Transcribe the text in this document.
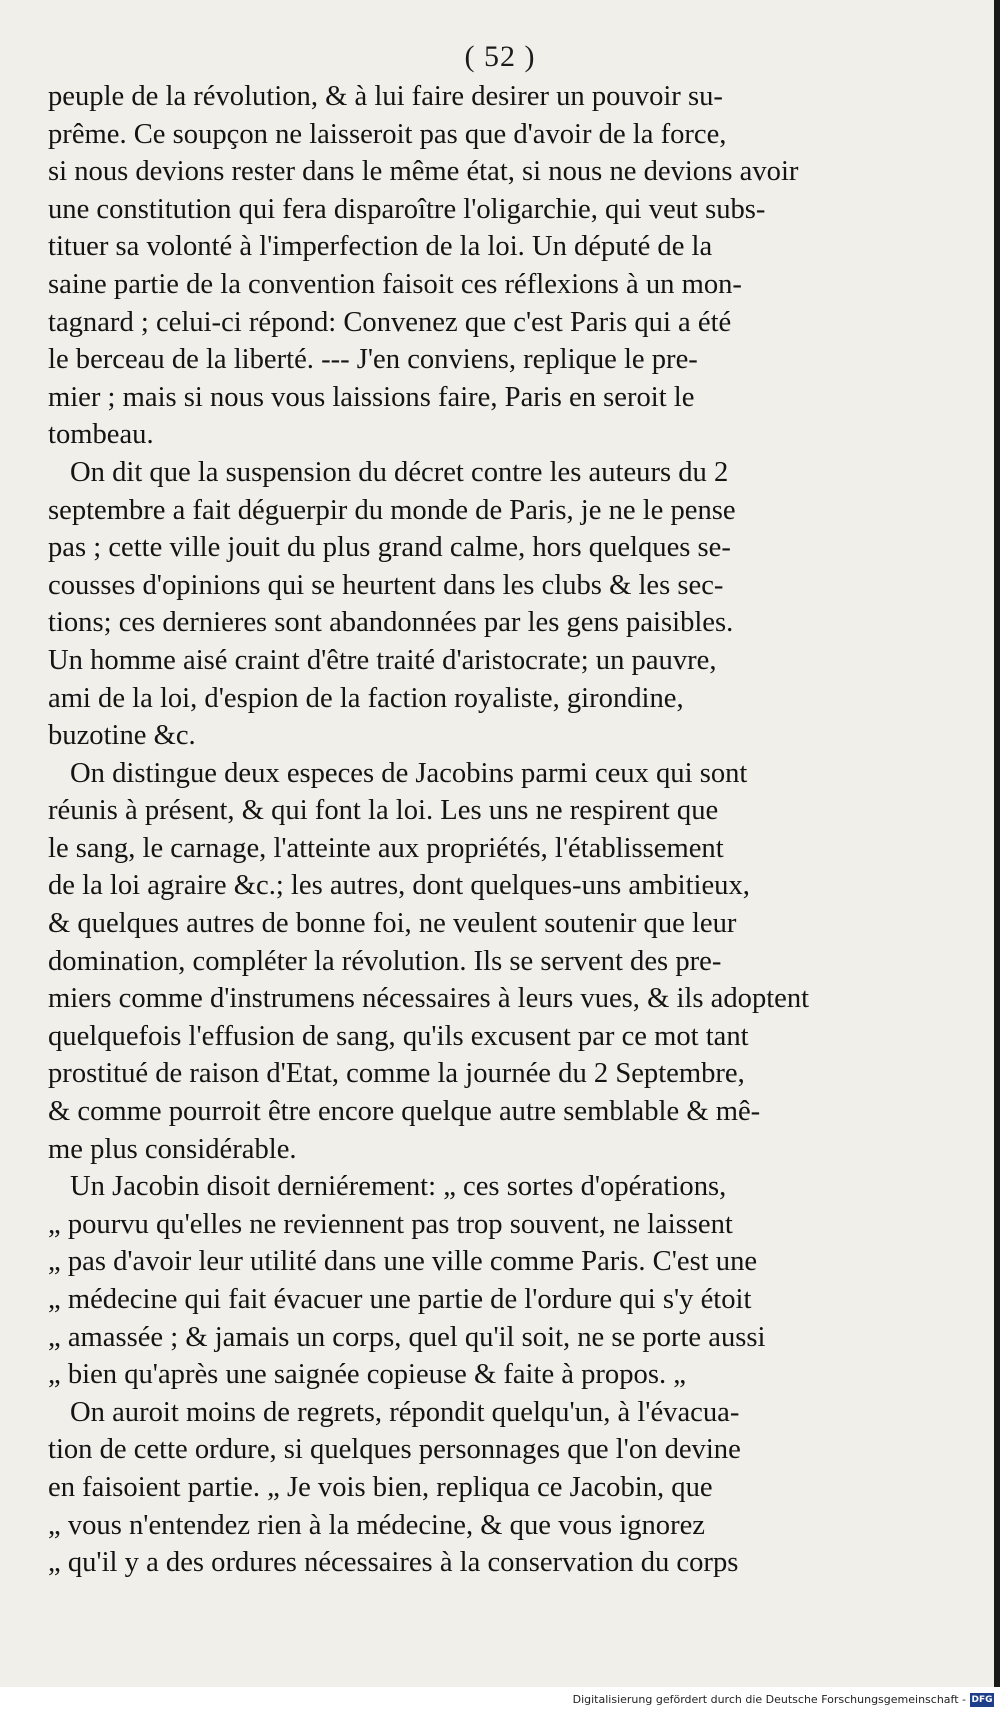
( 52 )
peuple de la révolution, & à lui faire desirer un pouvoir su-
prême. Ce soupçon ne laisseroit pas que d'avoir de la force,
si nous devions rester dans le même état, si nous ne devions avoir
une constitution qui fera disparoître l'oligarchie, qui veut subs-
tituer sa volonté à l'imperfection de la loi. Un député de la
saine partie de la convention faisoit ces réflexions à un mon-
tagnard ; celui-ci répond: Convenez que c'est Paris qui a été
le berceau de la liberté. --- J'en conviens, replique le pre-
mier ; mais si nous vous laissions faire, Paris en seroit le
tombeau.
On dit que la suspension du décret contre les auteurs du 2
septembre a fait déguerpir du monde de Paris, je ne le pense
pas ; cette ville jouit du plus grand calme, hors quelques se-
cousses d'opinions qui se heurtent dans les clubs & les sec-
tions; ces dernieres sont abandonnées par les gens paisibles.
Un homme aisé craint d'être traité d'aristocrate; un pauvre,
ami de la loi, d'espion de la faction royaliste, girondine,
buzotine &c.
On distingue deux especes de Jacobins parmi ceux qui sont
réunis à présent, & qui font la loi. Les uns ne respirent que
le sang, le carnage, l'atteinte aux propriétés, l'établissement
de la loi agraire &c.; les autres, dont quelques-uns ambitieux,
& quelques autres de bonne foi, ne veulent soutenir que leur
domination, compléter la révolution. Ils se servent des pre-
miers comme d'instrumens nécessaires à leurs vues, & ils adoptent
quelquefois l'effusion de sang, qu'ils excusent par ce mot tant
prostitué de raison d'Etat, comme la journée du 2 Septembre,
& comme pourroit être encore quelque autre semblable & mê-
me plus considérable.
Un Jacobin disoit derniérement: „ ces sortes d'opérations,
„ pourvu qu'elles ne reviennent pas trop souvent, ne laissent
„ pas d'avoir leur utilité dans une ville comme Paris. C'est une
„ médecine qui fait évacuer une partie de l'ordure qui s'y étoit
„ amassée ; & jamais un corps, quel qu'il soit, ne se porte aussi
„ bien qu'après une saignée copieuse & faite à propos. „
On auroit moins de regrets, répondit quelqu'un, à l'évacua-
tion de cette ordure, si quelques personnages que l'on devine
en faisoient partie. „ Je vois bien, repliqua ce Jacobin, que
„ vous n'entendez rien à la médecine, & que vous ignorez
„ qu'il y a des ordures nécessaires à la conservation du corps
Digitalisierung gefördert durch die Deutsche Forschungsgemeinschaft - DFG
